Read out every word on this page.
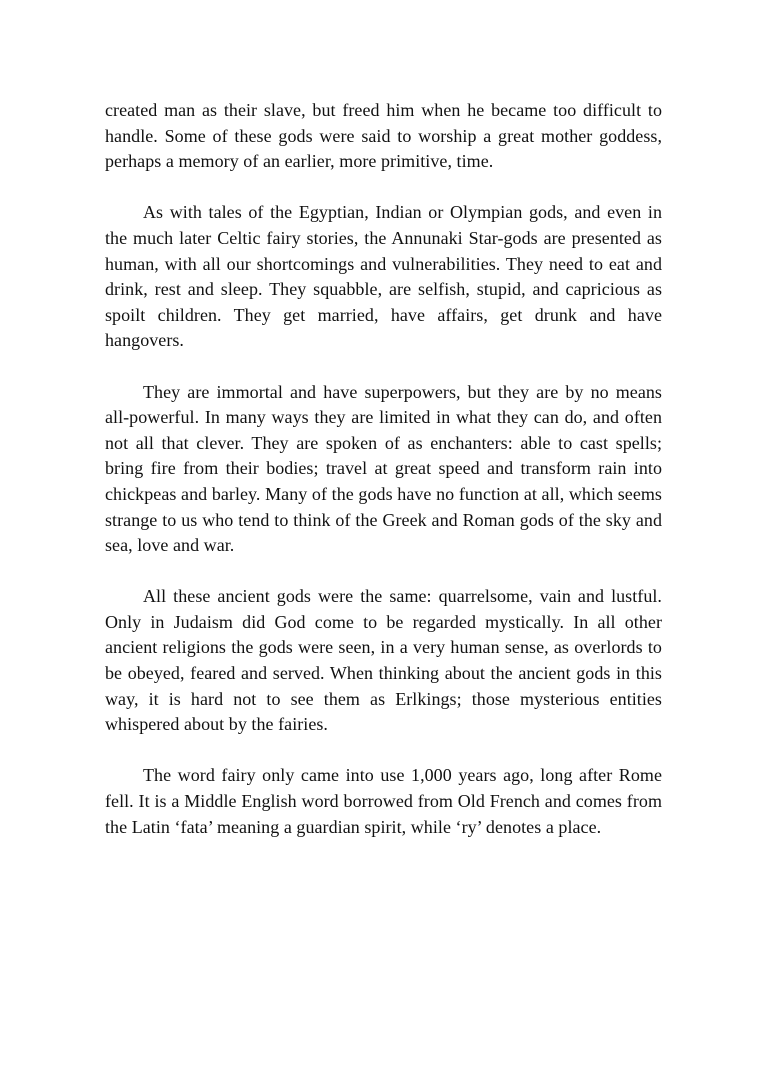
created man as their slave, but freed him when he became too difficult to handle. Some of these gods were said to worship a great mother goddess, perhaps a memory of an earlier, more primitive, time.

As with tales of the Egyptian, Indian or Olympian gods, and even in the much later Celtic fairy stories, the Annunaki Star-gods are presented as human, with all our shortcomings and vulnerabilities. They need to eat and drink, rest and sleep. They squabble, are selfish, stupid, and capricious as spoilt children. They get married, have affairs, get drunk and have hangovers.

They are immortal and have superpowers, but they are by no means all-powerful. In many ways they are limited in what they can do, and often not all that clever. They are spoken of as enchanters: able to cast spells; bring fire from their bodies; travel at great speed and transform rain into chickpeas and barley. Many of the gods have no function at all, which seems strange to us who tend to think of the Greek and Roman gods of the sky and sea, love and war.

All these ancient gods were the same: quarrelsome, vain and lustful. Only in Judaism did God come to be regarded mystically. In all other ancient religions the gods were seen, in a very human sense, as overlords to be obeyed, feared and served. When thinking about the ancient gods in this way, it is hard not to see them as Erlkings; those mysterious entities whispered about by the fairies.

The word fairy only came into use 1,000 years ago, long after Rome fell. It is a Middle English word borrowed from Old French and comes from the Latin ‘fata’ meaning a guardian spirit, while ‘ry’ denotes a place.
